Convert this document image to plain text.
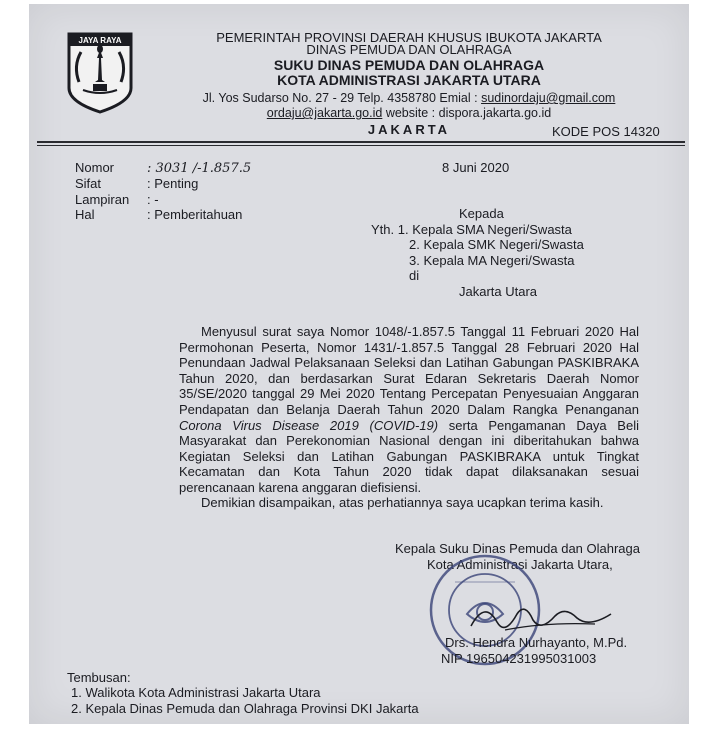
JAYA RAYA	PEMERINTAH PROVINSI DAERAH KHUSUS IBUKOTA JAKARTA
DINAS PEMUDA DAN OLAHRAGA
SUKU DINAS PEMUDA DAN OLAHRAGA
KOTA ADMINISTRASI JAKARTA UTARA
Jl. Yos Sudarso No. 27 - 29 Telp. 4358780 Emial : sudinordaju@gmail.com
ordaju@jakarta.go.id website : dispora.jakarta.go.id
JAKARTA	KODE POS 14320
Nomor	: 3031 /-1.857.5
Sifat	: Penting
Lampiran : -
Hal	: Pemberitahuan
8 Juni 2020
Kepada
Yth. 1. Kepala SMA Negeri/Swasta
2. Kepala SMK Negeri/Swasta
3. Kepala MA Negeri/Swasta
di
Jakarta Utara

Menyusul surat saya Nomor 1048/-1.857.5 Tanggal 11 Februari 2020 Hal Permohonan Peserta, Nomor 1431/-1.857.5 Tanggal 28 Februari 2020 Hal Penundaan Jadwal Pelaksanaan Seleksi dan Latihan Gabungan PASKIBRAKA Tahun 2020, dan berdasarkan Surat Edaran Sekretaris Daerah Nomor 35/SE/2020 tanggal 29 Mei 2020 Tentang Percepatan Penyesuaian Anggaran Pendapatan dan Belanja Daerah Tahun 2020 Dalam Rangka Penanganan Corona Virus Disease 2019 (COVID-19) serta Pengamanan Daya Beli Masyarakat dan Perekonomian Nasional dengan ini diberitahukan bahwa Kegiatan Seleksi dan Latihan Gabungan PASKIBRAKA untuk Tingkat Kecamatan dan Kota Tahun 2020 tidak dapat dilaksanakan sesuai perencanaan karena anggaran diefisiensi.

Demikian disampaikan, atas perhatiannya saya ucapkan terima kasih.
Kepala Suku Dinas Pemuda dan Olahraga
Kota Administrasi Jakarta Utara,
Drs. Hendra Nurhayanto, M.Pd.
NIP 196504231995031003
Tembusan:
1. Walikota Kota Administrasi Jakarta Utara
2. Kepala Dinas Pemuda dan Olahraga Provinsi DKI Jakarta
